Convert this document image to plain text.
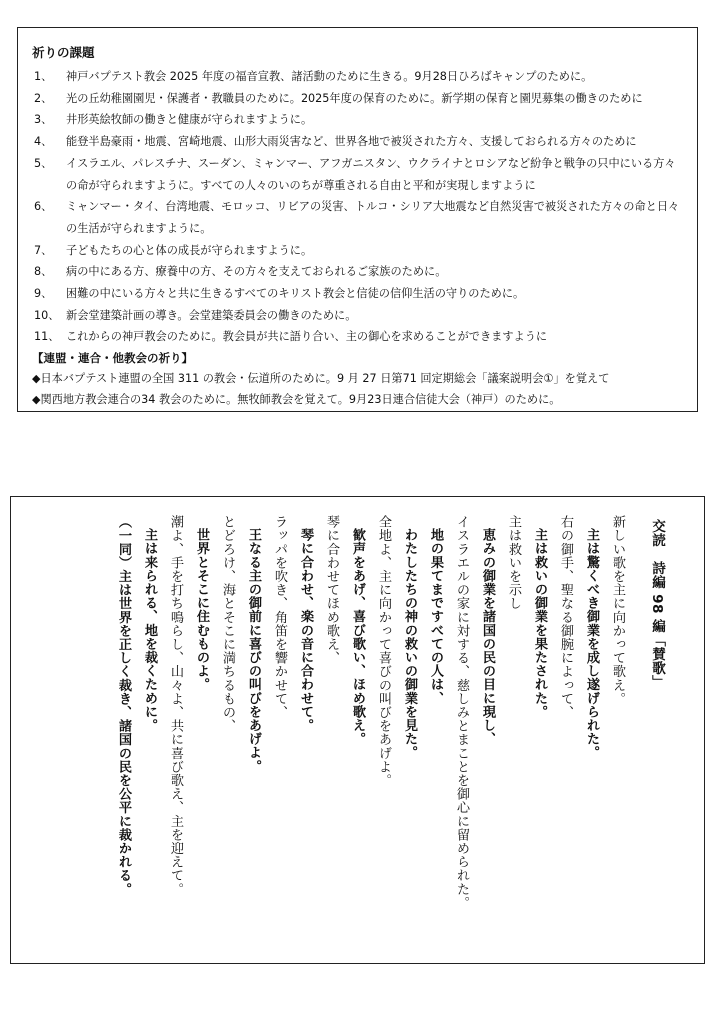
祈りの課題
1、	神戸バプテスト教会 2025 年度の福音宣教、諸活動のために生きる。9月28日ひろばキャンプのために。
2、	光の丘幼稚園園児・保護者・教職員のために。2025年度の保育のために。新学期の保育と園児募集の働きのために
3、	井形英絵牧師の働きと健康が守られますように。
4、	能登半島豪雨・地震、宮崎地震、山形大雨災害など、世界各地で被災された方々、支援しておられる方々のために
5、	イスラエル、パレスチナ、スーダン、ミャンマー、アフガニスタン、ウクライナとロシアなど紛争と戦争の只中にいる方々の命が守られますように。すべての人々のいのちが尊重される自由と平和が実現しますように
6、	ミャンマー・タイ、台湾地震、モロッコ、リビアの災害、トルコ・シリア大地震など自然災害で被災された方々の命と日々の生活が守られますように。
7、	子どもたちの心と体の成長が守られますように。
8、	病の中にある方、療養中の方、その方々を支えておられるご家族のために。
9、	困難の中にいる方々と共に生きるすべてのキリスト教会と信徒の信仰生活の守りのために。
10、 新会堂建築計画の導き。会堂建築委員会の働きのために。
11、 これからの神戸教会のために。教会員が共に語り合い、主の御心を求めることができますように
【連盟・連合・他教会の祈り】
◆日本バプテスト連盟の全国 311 の教会・伝道所のために。9 月 27 日第71 回定期総会「議案説明会①」を覚えて
◆関西地方教会連合の34 教会のために。無牧師教会を覚えて。9月23日連合信徒大会（神戸）のために。
交読　詩編 98 編「賛歌」
新しい歌を主に向かって歌え。
主は驚くべき御業を成し遂げられた。
右の御手、聖なる御腕によって、
主は救いの御業を果たされた。
主は救いを示し
恵みの御業を諸国の民の目に現し、
イスラエルの家に対する、慈しみとまことを御心に留められた。
地の果てまですべての人は、
わたしたちの神の救いの御業を見た。
全地よ、主に向かって喜びの叫びをあげよ。
歓声をあげ、喜び歌い、ほめ歌え。
琴に合わせてほめ歌え、
琴に合わせ、楽の音に合わせて。
ラッパを吹き、角笛を響かせて、
王なる主の御前に喜びの叫びをあげよ。
とどろけ、海とそこに満ちるもの、
世界とそこに住むものよ。
潮よ、手を打ち鳴らし、山々よ、共に喜び歌え、主を迎えて。
主は来られる、地を裁くために。
（一同）主は世界を正しく裁き、諸国の民を公平に裁かれる。
